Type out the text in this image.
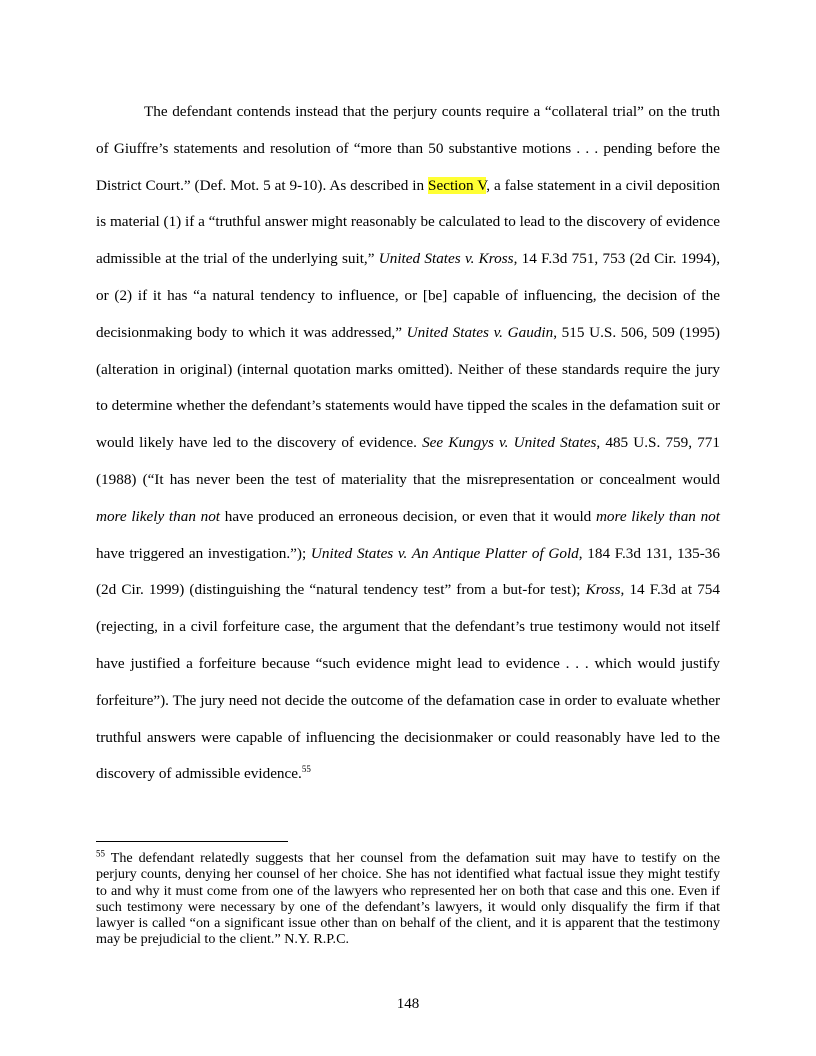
The defendant contends instead that the perjury counts require a “collateral trial” on the truth of Giuffre’s statements and resolution of “more than 50 substantive motions . . . pending before the District Court.” (Def. Mot. 5 at 9-10). As described in Section V, a false statement in a civil deposition is material (1) if a “truthful answer might reasonably be calculated to lead to the discovery of evidence admissible at the trial of the underlying suit,” United States v. Kross, 14 F.3d 751, 753 (2d Cir. 1994), or (2) if it has “a natural tendency to influence, or [be] capable of influencing, the decision of the decisionmaking body to which it was addressed,” United States v. Gaudin, 515 U.S. 506, 509 (1995) (alteration in original) (internal quotation marks omitted). Neither of these standards require the jury to determine whether the defendant’s statements would have tipped the scales in the defamation suit or would likely have led to the discovery of evidence. See Kungys v. United States, 485 U.S. 759, 771 (1988) (“It has never been the test of materiality that the misrepresentation or concealment would more likely than not have produced an erroneous decision, or even that it would more likely than not have triggered an investigation.”); United States v. An Antique Platter of Gold, 184 F.3d 131, 135-36 (2d Cir. 1999) (distinguishing the “natural tendency test” from a but-for test); Kross, 14 F.3d at 754 (rejecting, in a civil forfeiture case, the argument that the defendant’s true testimony would not itself have justified a forfeiture because “such evidence might lead to evidence . . . which would justify forfeiture”). The jury need not decide the outcome of the defamation case in order to evaluate whether truthful answers were capable of influencing the decisionmaker or could reasonably have led to the discovery of admissible evidence.$^{55}$

$^{55}$ The defendant relatedly suggests that her counsel from the defamation suit may have to testify on the perjury counts, denying her counsel of her choice. She has not identified what factual issue they might testify to and why it must come from one of the lawyers who represented her on both that case and this one. Even if such testimony were necessary by one of the defendant’s lawyers, it would only disqualify the firm if that lawyer is called “on a significant issue other than on behalf of the client, and it is apparent that the testimony may be prejudicial to the client.” N.Y. R.P.C.

148
